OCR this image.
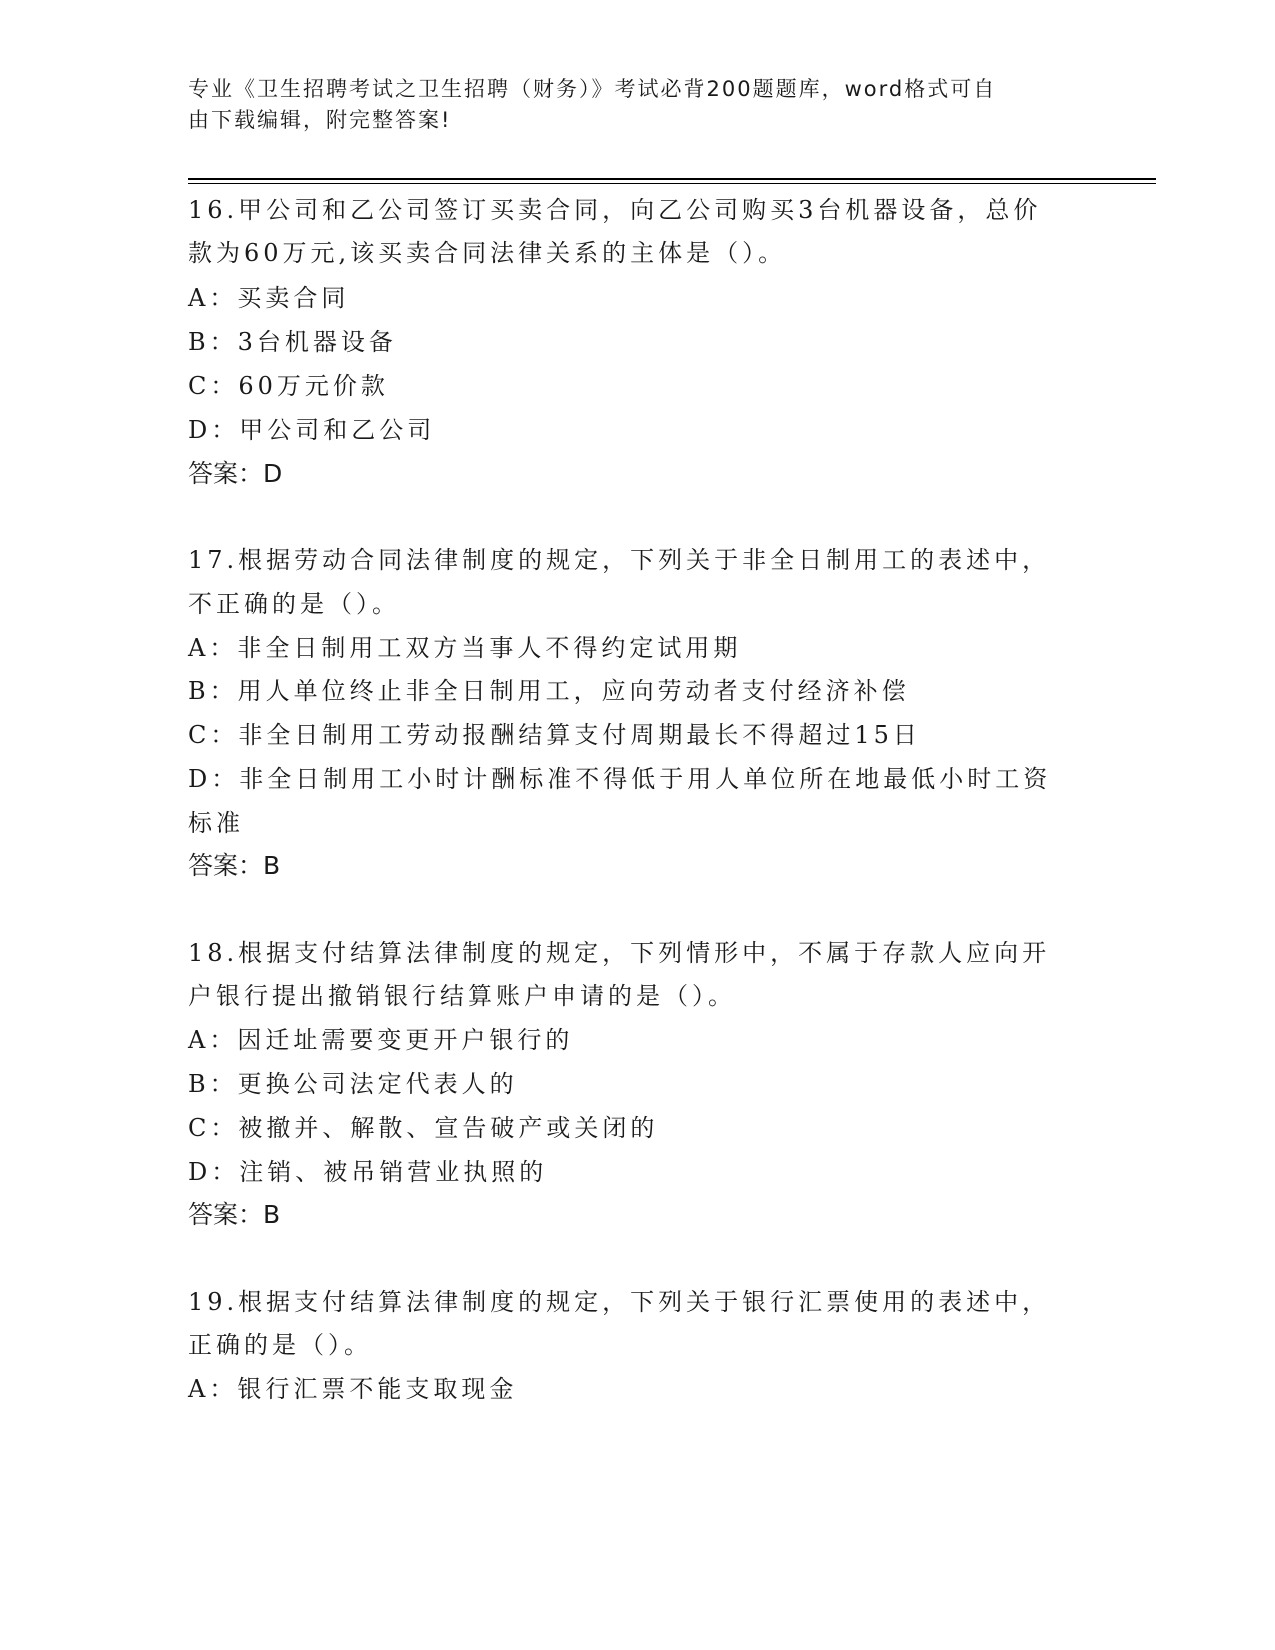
专业《卫生招聘考试之卫生招聘（财务）》考试必背200题题库，word格式可自
由下载编辑，附完整答案!
16.甲公司和乙公司签订买卖合同，向乙公司购买3台机器设备，总价
款为60万元,该买卖合同法律关系的主体是（）。
A：买卖合同
B：3台机器设备
C：60万元价款
D：甲公司和乙公司
答案：D
17.根据劳动合同法律制度的规定，下列关于非全日制用工的表述中，
不正确的是（）。
A：非全日制用工双方当事人不得约定试用期
B：用人单位终止非全日制用工，应向劳动者支付经济补偿
C：非全日制用工劳动报酬结算支付周期最长不得超过15日
D：非全日制用工小时计酬标准不得低于用人单位所在地最低小时工资
标准
答案：B
18.根据支付结算法律制度的规定，下列情形中，不属于存款人应向开
户银行提出撤销银行结算账户申请的是（）。
A：因迁址需要变更开户银行的
B：更换公司法定代表人的
C：被撤并、解散、宣告破产或关闭的
D：注销、被吊销营业执照的
答案：B
19.根据支付结算法律制度的规定，下列关于银行汇票使用的表述中，
正确的是（）。
A：银行汇票不能支取现金
